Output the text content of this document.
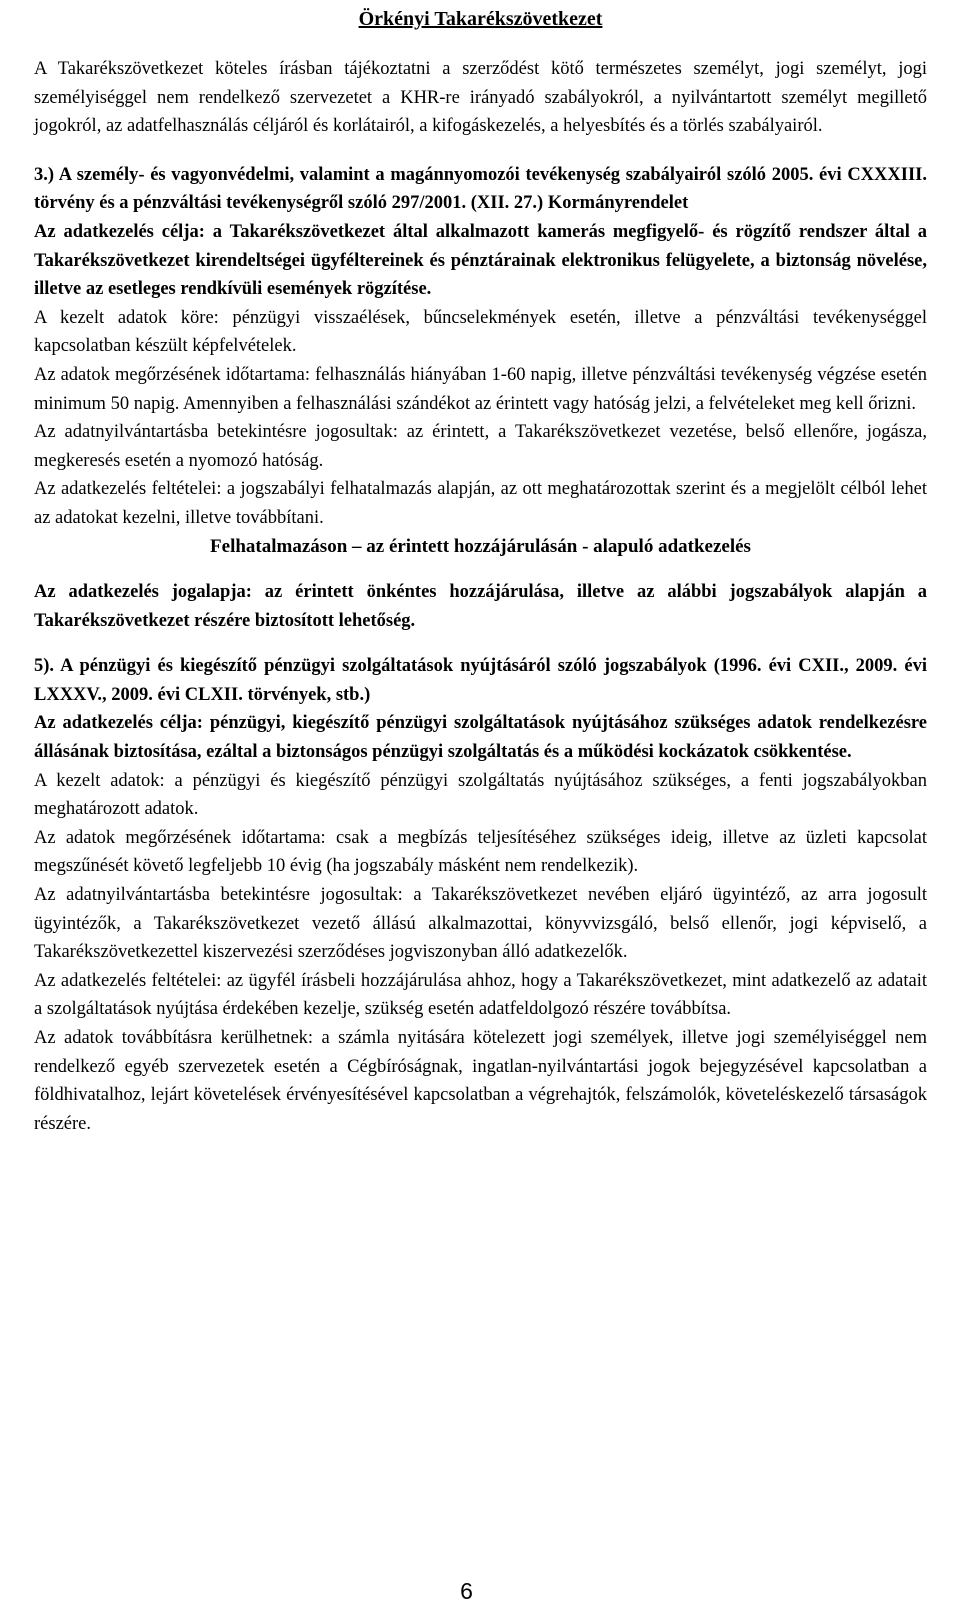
Örkényi Takarékszövetkezet

A Takarékszövetkezet köteles írásban tájékoztatni a szerződést kötő természetes személyt, jogi személyt, jogi személyiséggel nem rendelkező szervezetet a KHR-re irányadó szabályokról, a nyilvántartott személyt megillető jogokról, az adatfelhasználás céljáról és korlátairól, a kifogáskezelés, a helyesbítés és a törlés szabályairól.

3.) A személy- és vagyonvédelmi, valamint a magánnyomozói tevékenység szabályairól szóló 2005. évi CXXXIII. törvény és a pénzváltási tevékenységről szóló 297/2001. (XII. 27.) Kormányrendelet

Az adatkezelés célja: a Takarékszövetkezet által alkalmazott kamerás megfigyelő- és rögzítő rendszer által a Takarékszövetkezet kirendeltségei ügyféltereinek és pénztárainak elektronikus felügyelete, a biztonság növelése, illetve az esetleges rendkívüli események rögzítése.

A kezelt adatok köre: pénzügyi visszaélések, bűncselekmények esetén, illetve a pénzváltási tevékenységgel kapcsolatban készült képfelvételek.

Az adatok megőrzésének időtartama: felhasználás hiányában 1-60 napig, illetve pénzváltási tevékenység végzése esetén minimum 50 napig. Amennyiben a felhasználási szándékot az érintett vagy hatóság jelzi, a felvételeket meg kell őrizni.

Az adatnyilvántartásba betekintésre jogosultak: az érintett, a Takarékszövetkezet vezetése, belső ellenőre, jogásza, megkeresés esetén a nyomozó hatóság.

Az adatkezelés feltételei: a jogszabályi felhatalmazás alapján, az ott meghatározottak szerint és a megjelölt célból lehet az adatokat kezelni, illetve továbbítani.

Felhatalmazáson – az érintett hozzájárulásán - alapuló adatkezelés

Az adatkezelés jogalapja: az érintett önkéntes hozzájárulása, illetve az alábbi jogszabályok alapján a Takarékszövetkezet részére biztosított lehetőség.

5). A pénzügyi és kiegészítő pénzügyi szolgáltatások nyújtásáról szóló jogszabályok (1996. évi CXII., 2009. évi LXXXV., 2009. évi CLXII. törvények, stb.)

Az adatkezelés célja: pénzügyi, kiegészítő pénzügyi szolgáltatások nyújtásához szükséges adatok rendelkezésre állásának biztosítása, ezáltal a biztonságos pénzügyi szolgáltatás és a működési kockázatok csökkentése.

A kezelt adatok: a pénzügyi és kiegészítő pénzügyi szolgáltatás nyújtásához szükséges, a fenti jogszabályokban meghatározott adatok.

Az adatok megőrzésének időtartama: csak a megbízás teljesítéséhez szükséges ideig, illetve az üzleti kapcsolat megszűnését követő legfeljebb 10 évig (ha jogszabály másként nem rendelkezik).

Az adatnyilvántartásba betekintésre jogosultak: a Takarékszövetkezet nevében eljáró ügyintéző, az arra jogosult ügyintézők, a Takarékszövetkezet vezető állású alkalmazottai, könyvvizsgáló, belső ellenőr, jogi képviselő, a Takarékszövetkezettel kiszervezési szerződéses jogviszonyban álló adatkezelők.

Az adatkezelés feltételei: az ügyfél írásbeli hozzájárulása ahhoz, hogy a Takarékszövetkezet, mint adatkezelő az adatait a szolgáltatások nyújtása érdekében kezelje, szükség esetén adatfeldolgozó részére továbbítsa.

Az adatok továbbításra kerülhetnek: a számla nyitására kötelezett jogi személyek, illetve jogi személyiséggel nem rendelkező egyéb szervezetek esetén a Cégbíróságnak, ingatlan-nyilvántartási jogok bejegyzésével kapcsolatban a földhivatalhoz, lejárt követelések érvényesítésével kapcsolatban a végrehajtók, felszámolók, követeléskezelő társaságok részére.

6
